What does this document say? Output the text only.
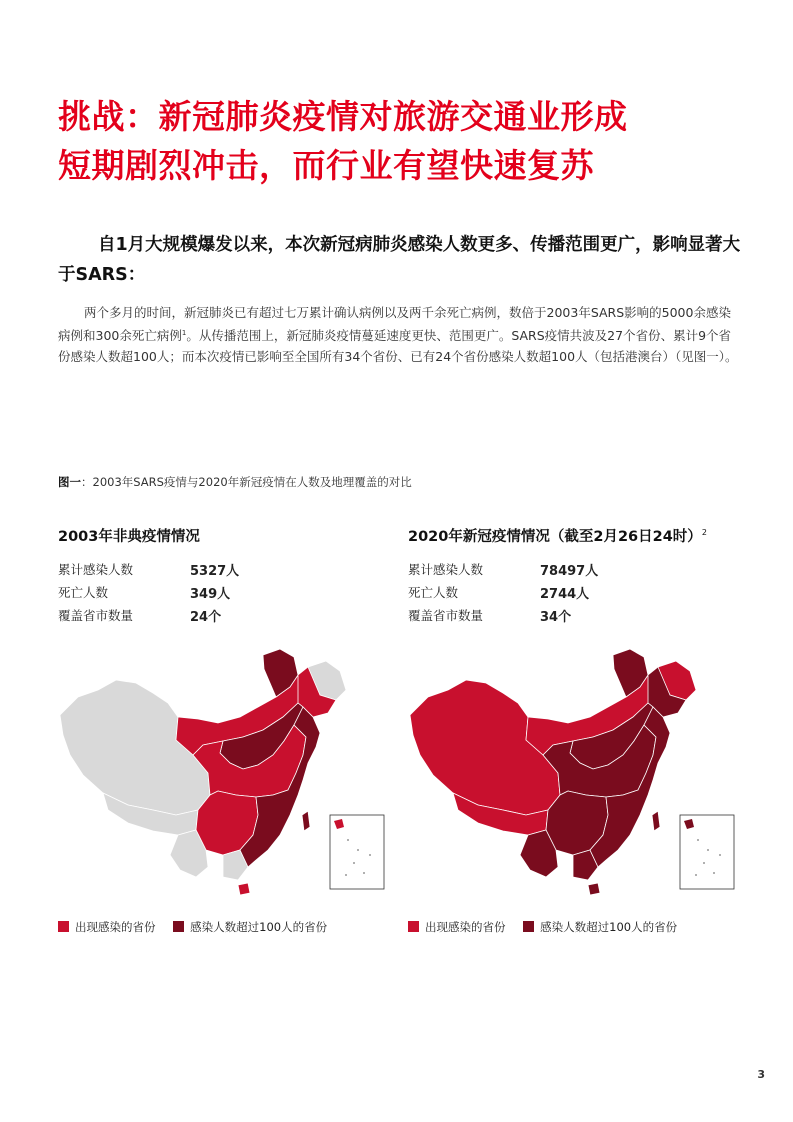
挑战：新冠肺炎疫情对旅游交通业形成
短期剧烈冲击，而行业有望快速复苏
自1月大规模爆发以来，本次新冠病肺炎感染人数更多、传播范围更广，影响显著大于SARS：
两个多月的时间，新冠肺炎已有超过七万累计确认病例以及两千余死亡病例，数倍于2003年SARS影响的5000余感染病例和300余死亡病例$^1$。从传播范围上，新冠肺炎疫情蔓延速度更快、范围更广。SARS疫情共波及27个省份、累计9个省份感染人数超100人；而本次疫情已影响至全国所有34个省份、已有24个省份感染人数超100人（包括港澳台）（见图一）。
图一：2003年SARS疫情与2020年新冠疫情在人数及地理覆盖的对比
2003年非典疫情情况
累计感染人数	5327人
死亡人数	349人
覆盖省市数量	24个
出现感染的省份	感染人数超过100人的省份
2020年新冠疫情情况（截至2月26日24时）$^2$
累计感染人数	78497人
死亡人数	2744人
覆盖省市数量	34个
出现感染的省份	感染人数超过100人的省份
3
